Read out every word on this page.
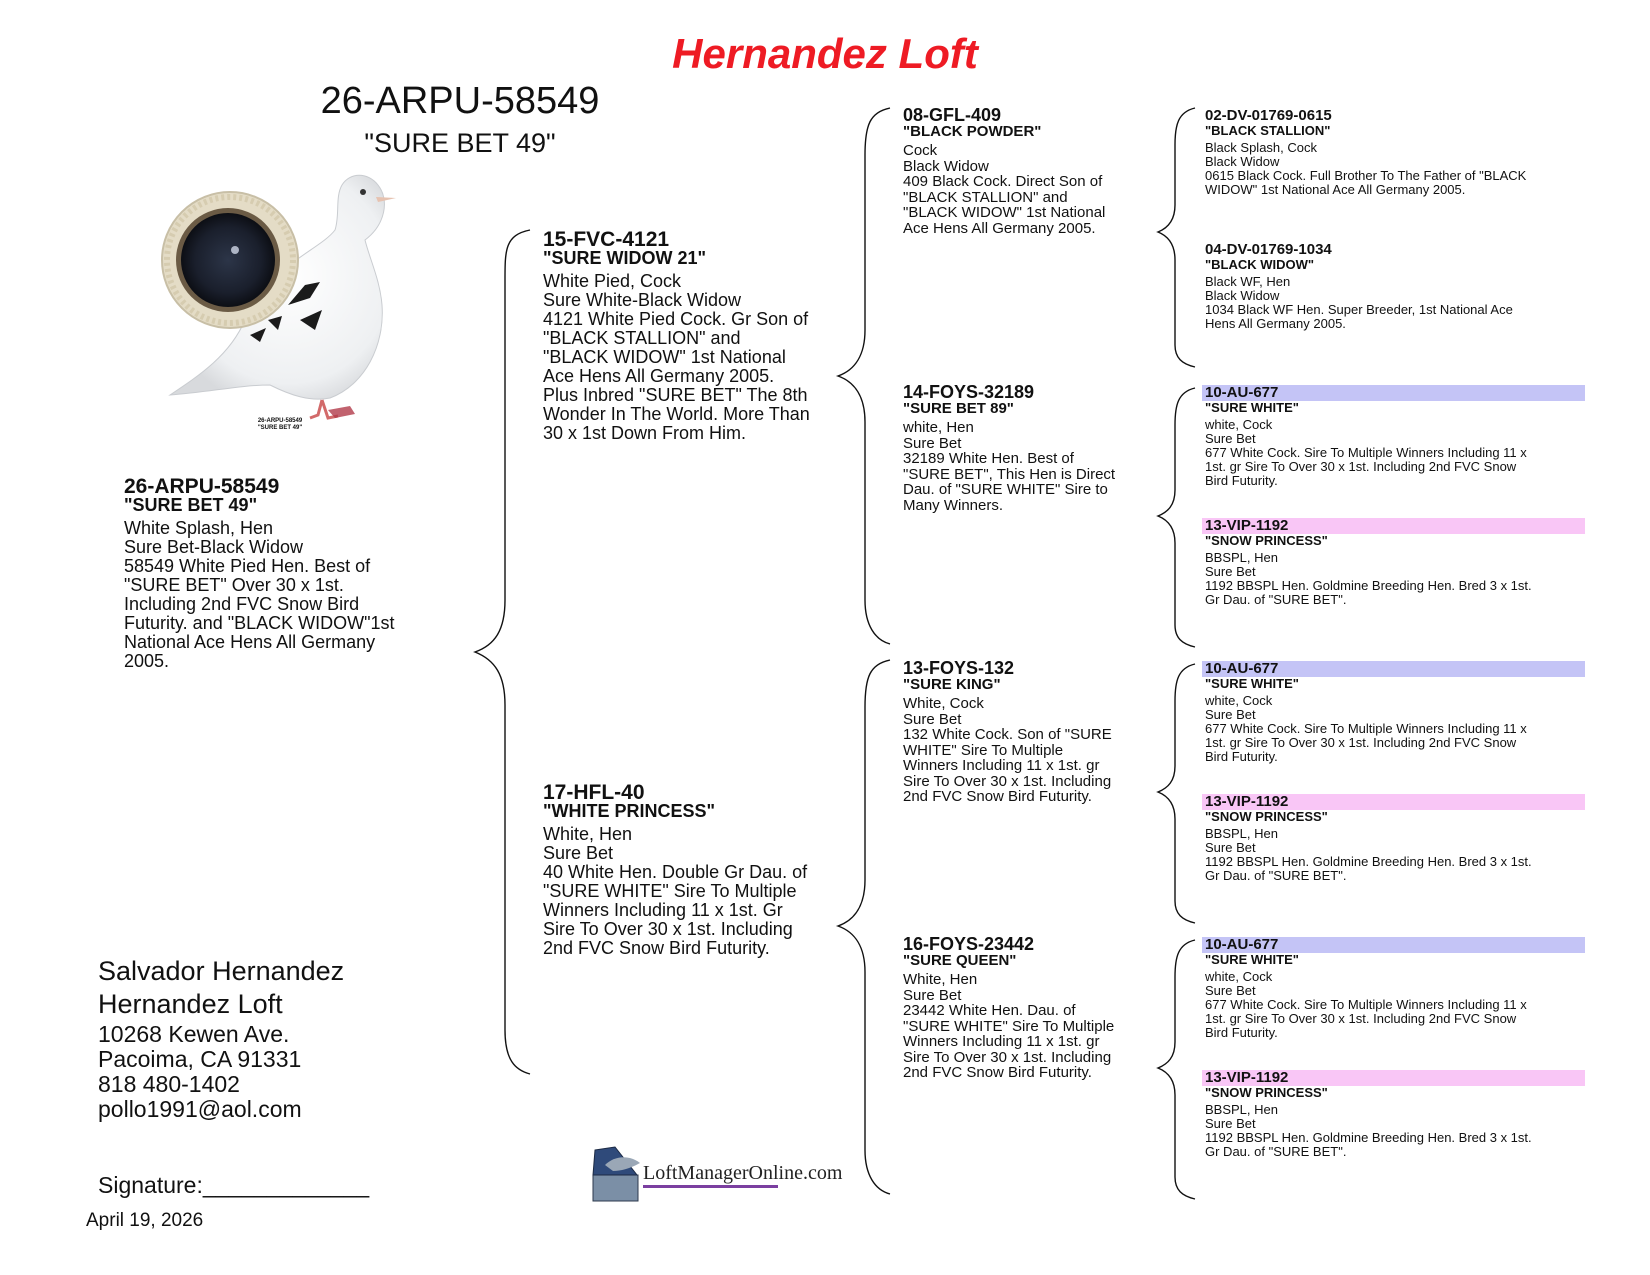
Hernandez Loft
26-ARPU-58549
"SURE BET 49"
26-ARPU-58549
"SURE BET 49"
26-ARPU-58549
"SURE BET 49"
White Splash, Hen
Sure Bet-Black Widow
58549 White Pied Hen. Best of
"SURE BET" Over 30 x 1st.
Including 2nd FVC Snow Bird
Futurity. and "BLACK WIDOW"1st
National Ace Hens All Germany
2005.
15-FVC-4121
"SURE WIDOW 21"
White Pied, Cock
Sure White-Black Widow
4121 White Pied Cock. Gr Son of
"BLACK STALLION" and
"BLACK WIDOW" 1st National
Ace Hens All Germany 2005.
Plus Inbred "SURE BET" The 8th
Wonder In The World. More Than
30 x 1st Down From Him.
17-HFL-40
"WHITE PRINCESS"
White, Hen
Sure Bet
40 White Hen. Double Gr Dau. of
"SURE WHITE" Sire To Multiple
Winners Including 11 x 1st. Gr
Sire To Over 30 x 1st. Including
2nd FVC Snow Bird Futurity.
08-GFL-409
"BLACK POWDER"
Cock
Black Widow
409 Black Cock. Direct Son of
"BLACK STALLION" and
"BLACK WIDOW" 1st National
Ace Hens All Germany 2005.
14-FOYS-32189
"SURE BET 89"
white, Hen
Sure Bet
32189 White Hen. Best of
"SURE BET", This Hen is Direct
Dau. of "SURE WHITE" Sire to
Many Winners.
13-FOYS-132
"SURE KING"
White, Cock
Sure Bet
132 White Cock. Son of "SURE
WHITE" Sire To Multiple
Winners Including 11 x 1st. gr
Sire To Over 30 x 1st. Including
2nd FVC Snow Bird Futurity.
16-FOYS-23442
"SURE QUEEN"
White, Hen
Sure Bet
23442 White Hen. Dau. of
"SURE WHITE" Sire To Multiple
Winners Including 11 x 1st. gr
Sire To Over 30 x 1st. Including
2nd FVC Snow Bird Futurity.
02-DV-01769-0615
"BLACK STALLION"
Black Splash, Cock
Black Widow
0615 Black Cock. Full Brother To The Father of "BLACK
WIDOW" 1st National Ace All Germany 2005.
04-DV-01769-1034
"BLACK WIDOW"
Black WF, Hen
Black Widow
1034 Black WF Hen. Super Breeder, 1st National Ace
Hens All Germany 2005.
10-AU-677
"SURE WHITE"
white, Cock
Sure Bet
677 White Cock. Sire To Multiple Winners Including 11 x
1st. gr Sire To Over 30 x 1st. Including 2nd FVC Snow
Bird Futurity.
13-VIP-1192
"SNOW PRINCESS"
BBSPL, Hen
Sure Bet
1192 BBSPL Hen. Goldmine Breeding Hen. Bred 3 x 1st.
Gr Dau. of "SURE BET".
10-AU-677
"SURE WHITE"
white, Cock
Sure Bet
677 White Cock. Sire To Multiple Winners Including 11 x
1st. gr Sire To Over 30 x 1st. Including 2nd FVC Snow
Bird Futurity.
13-VIP-1192
"SNOW PRINCESS"
BBSPL, Hen
Sure Bet
1192 BBSPL Hen. Goldmine Breeding Hen. Bred 3 x 1st.
Gr Dau. of "SURE BET".
10-AU-677
"SURE WHITE"
white, Cock
Sure Bet
677 White Cock. Sire To Multiple Winners Including 11 x
1st. gr Sire To Over 30 x 1st. Including 2nd FVC Snow
Bird Futurity.
13-VIP-1192
"SNOW PRINCESS"
BBSPL, Hen
Sure Bet
1192 BBSPL Hen. Goldmine Breeding Hen. Bred 3 x 1st.
Gr Dau. of "SURE BET".
Salvador Hernandez
Hernandez Loft
10268 Kewen Ave.
Pacoima, CA 91331
818 480-1402
pollo1991@aol.com
Signature:_____________
April 19, 2026
LoftManagerOnline.com
